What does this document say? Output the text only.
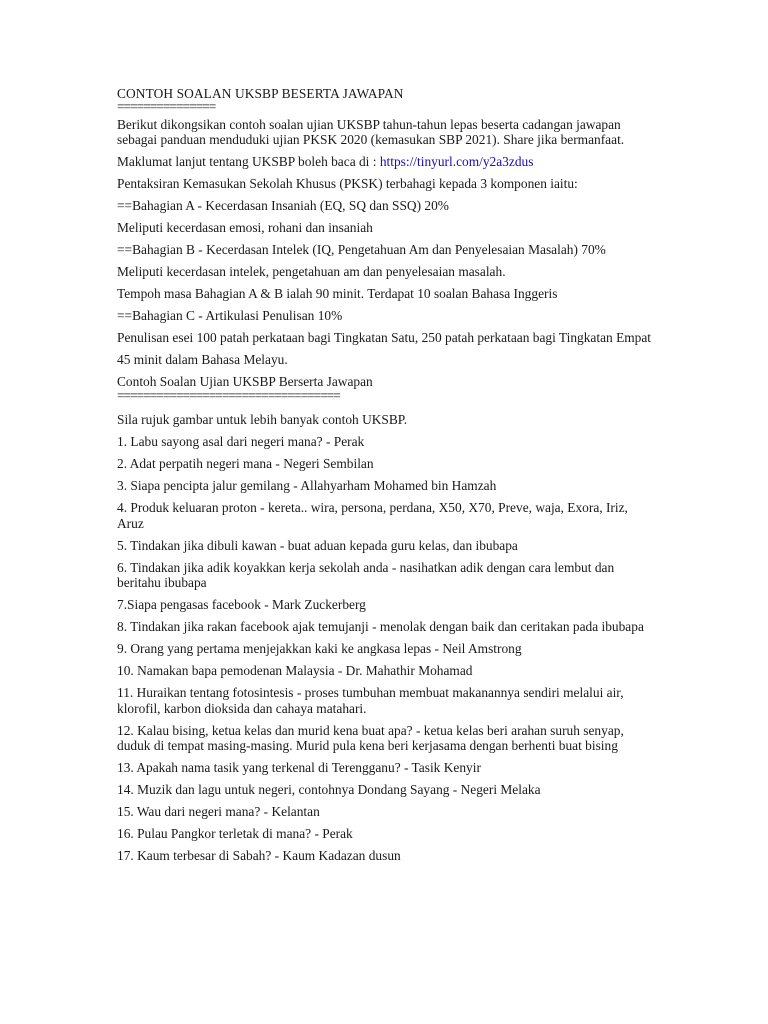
CONTOH SOALAN UKSBP BESERTA JAWAPAN

===============

Berikut dikongsikan contoh soalan ujian UKSBP tahun-tahun lepas beserta cadangan jawapan sebagai panduan menduduki ujian PKSK 2020 (kemasukan SBP 2021). Share jika bermanfaat.

Maklumat lanjut tentang UKSBP boleh baca di : https://tinyurl.com/y2a3zdus

Pentaksiran Kemasukan Sekolah Khusus (PKSK) terbahagi kepada 3 komponen iaitu:

==Bahagian A - Kecerdasan Insaniah (EQ, SQ dan SSQ) 20%

Meliputi kecerdasan emosi, rohani dan insaniah

==Bahagian B - Kecerdasan Intelek (IQ, Pengetahuan Am dan Penyelesaian Masalah) 70%

Meliputi kecerdasan intelek, pengetahuan am dan penyelesaian masalah.

Tempoh masa Bahagian A & B ialah 90 minit. Terdapat 10 soalan Bahasa Inggeris

==Bahagian C - Artikulasi Penulisan 10%

Penulisan esei 100 patah perkataan bagi Tingkatan Satu, 250 patah perkataan bagi Tingkatan Empat

45 minit dalam Bahasa Melayu.

Contoh Soalan Ujian UKSBP Berserta Jawapan

==================================

Sila rujuk gambar untuk lebih banyak contoh UKSBP.

1. Labu sayong asal dari negeri mana? - Perak

2. Adat perpatih negeri mana - Negeri Sembilan

3. Siapa pencipta jalur gemilang - Allahyarham Mohamed bin Hamzah

4. Produk keluaran proton - kereta.. wira, persona, perdana, X50, X70, Preve, waja, Exora, Iriz, Aruz

5. Tindakan jika dibuli kawan - buat aduan kepada guru kelas, dan ibubapa

6. Tindakan jika adik koyakkan kerja sekolah anda - nasihatkan adik dengan cara lembut dan beritahu ibubapa

7.Siapa pengasas facebook - Mark Zuckerberg

8. Tindakan jika rakan facebook ajak temujanji - menolak dengan baik dan ceritakan pada ibubapa

9. Orang yang pertama menjejakkan kaki ke angkasa lepas - Neil Amstrong

10. Namakan bapa pemodenan Malaysia - Dr. Mahathir Mohamad

11. Huraikan tentang fotosintesis - proses tumbuhan membuat makanannya sendiri melalui air, klorofil, karbon dioksida dan cahaya matahari.

12. Kalau bising, ketua kelas dan murid kena buat apa? - ketua kelas beri arahan suruh senyap, duduk di tempat masing-masing. Murid pula kena beri kerjasama dengan berhenti buat bising

13. Apakah nama tasik yang terkenal di Terengganu? - Tasik Kenyir

14. Muzik dan lagu untuk negeri, contohnya Dondang Sayang - Negeri Melaka

15. Wau dari negeri mana? - Kelantan

16. Pulau Pangkor terletak di mana? - Perak

17. Kaum terbesar di Sabah? - Kaum Kadazan dusun
